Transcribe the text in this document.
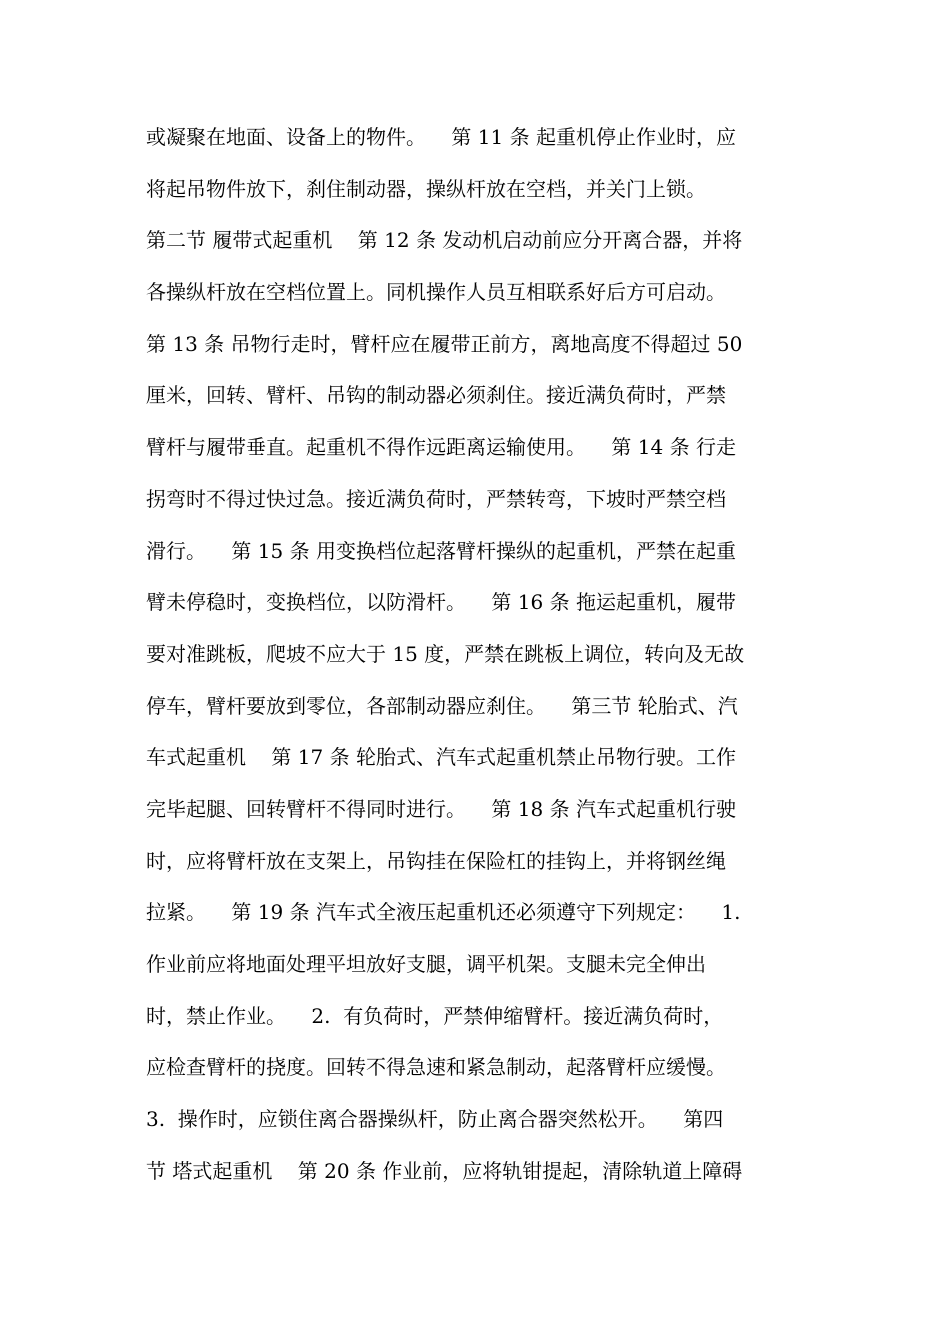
或凝聚在地面、设备上的物件。    第 11 条 起重机停止作业时，应
将起吊物件放下，刹住制动器，操纵杆放在空档，并关门上锁。
第二节 履带式起重机    第 12 条 发动机启动前应分开离合器，并将
各操纵杆放在空档位置上。同机操作人员互相联系好后方可启动。
第 13 条 吊物行走时，臂杆应在履带正前方，离地高度不得超过 50
厘米，回转、臂杆、吊钩的制动器必须刹住。接近满负荷时，严禁
臂杆与履带垂直。起重机不得作远距离运输使用。    第 14 条 行走
拐弯时不得过快过急。接近满负荷时，严禁转弯，下坡时严禁空档
滑行。    第 15 条 用变换档位起落臂杆操纵的起重机，严禁在起重
臂未停稳时，变换档位，以防滑杆。    第 16 条 拖运起重机，履带
要对准跳板，爬坡不应大于 15 度，严禁在跳板上调位，转向及无故
停车，臂杆要放到零位，各部制动器应刹住。    第三节 轮胎式、汽
车式起重机    第 17 条 轮胎式、汽车式起重机禁止吊物行驶。工作
完毕起腿、回转臂杆不得同时进行。    第 18 条 汽车式起重机行驶
时，应将臂杆放在支架上，吊钩挂在保险杠的挂钩上，并将钢丝绳
拉紧。    第 19 条 汽车式全液压起重机还必须遵守下列规定：    1.
作业前应将地面处理平坦放好支腿，调平机架。支腿未完全伸出
时，禁止作业。    2.  有负荷时，严禁伸缩臂杆。接近满负荷时，
应检查臂杆的挠度。回转不得急速和紧急制动，起落臂杆应缓慢。
3.  操作时，应锁住离合器操纵杆，防止离合器突然松开。    第四
节 塔式起重机    第 20 条 作业前，应将轨钳提起，清除轨道上障碍
